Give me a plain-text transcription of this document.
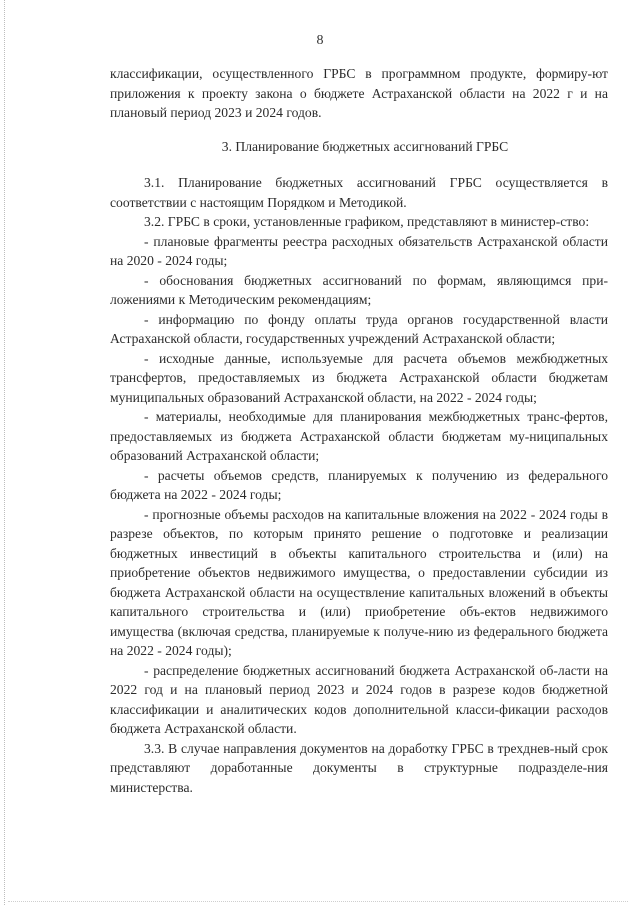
8

классификации, осуществленного ГРБС в программном продукте, формиру-ют приложения к проекту закона о бюджете Астраханской области на 2022 г и на плановый период 2023 и 2024 годов.

3. Планирование бюджетных ассигнований ГРБС

3.1. Планирование бюджетных ассигнований ГРБС осуществляется в соответствии с настоящим Порядком и Методикой.

3.2. ГРБС в сроки, установленные графиком, представляют в министер-ство:

- плановые фрагменты реестра расходных обязательств Астраханской области на 2020 - 2024 годы;

- обоснования бюджетных ассигнований по формам, являющимся при-ложениями к Методическим рекомендациям;

- информацию по фонду оплаты труда органов государственной власти Астраханской области, государственных учреждений Астраханской области;

- исходные данные, используемые для расчета объемов межбюджетных трансфертов, предоставляемых из бюджета Астраханской области бюджетам муниципальных образований Астраханской области, на 2022 - 2024 годы;

- материалы, необходимые для планирования межбюджетных транс-фертов, предоставляемых из бюджета Астраханской области бюджетам му-ниципальных образований Астраханской области;

- расчеты объемов средств, планируемых к получению из федерального бюджета на 2022 - 2024 годы;

- прогнозные объемы расходов на капитальные вложения на 2022 - 2024 годы в разрезе объектов, по которым принято решение о подготовке и реализации бюджетных инвестиций в объекты капитального строительства и (или) на приобретение объектов недвижимого имущества, о предоставлении субсидии из бюджета Астраханской области на осуществление капитальных вложений в объекты капитального строительства и (или) приобретение объ-ектов недвижимого имущества (включая средства, планируемые к получе-нию из федерального бюджета на 2022 - 2024 годы);

- распределение бюджетных ассигнований бюджета Астраханской об-ласти на 2022 год и на плановый период 2023 и 2024 годов в разрезе кодов бюджетной классификации и аналитических кодов дополнительной класси-фикации расходов бюджета Астраханской области.

3.3. В случае направления документов на доработку ГРБС в трехднев-ный срок представляют доработанные документы в структурные подразделе-ния министерства.
